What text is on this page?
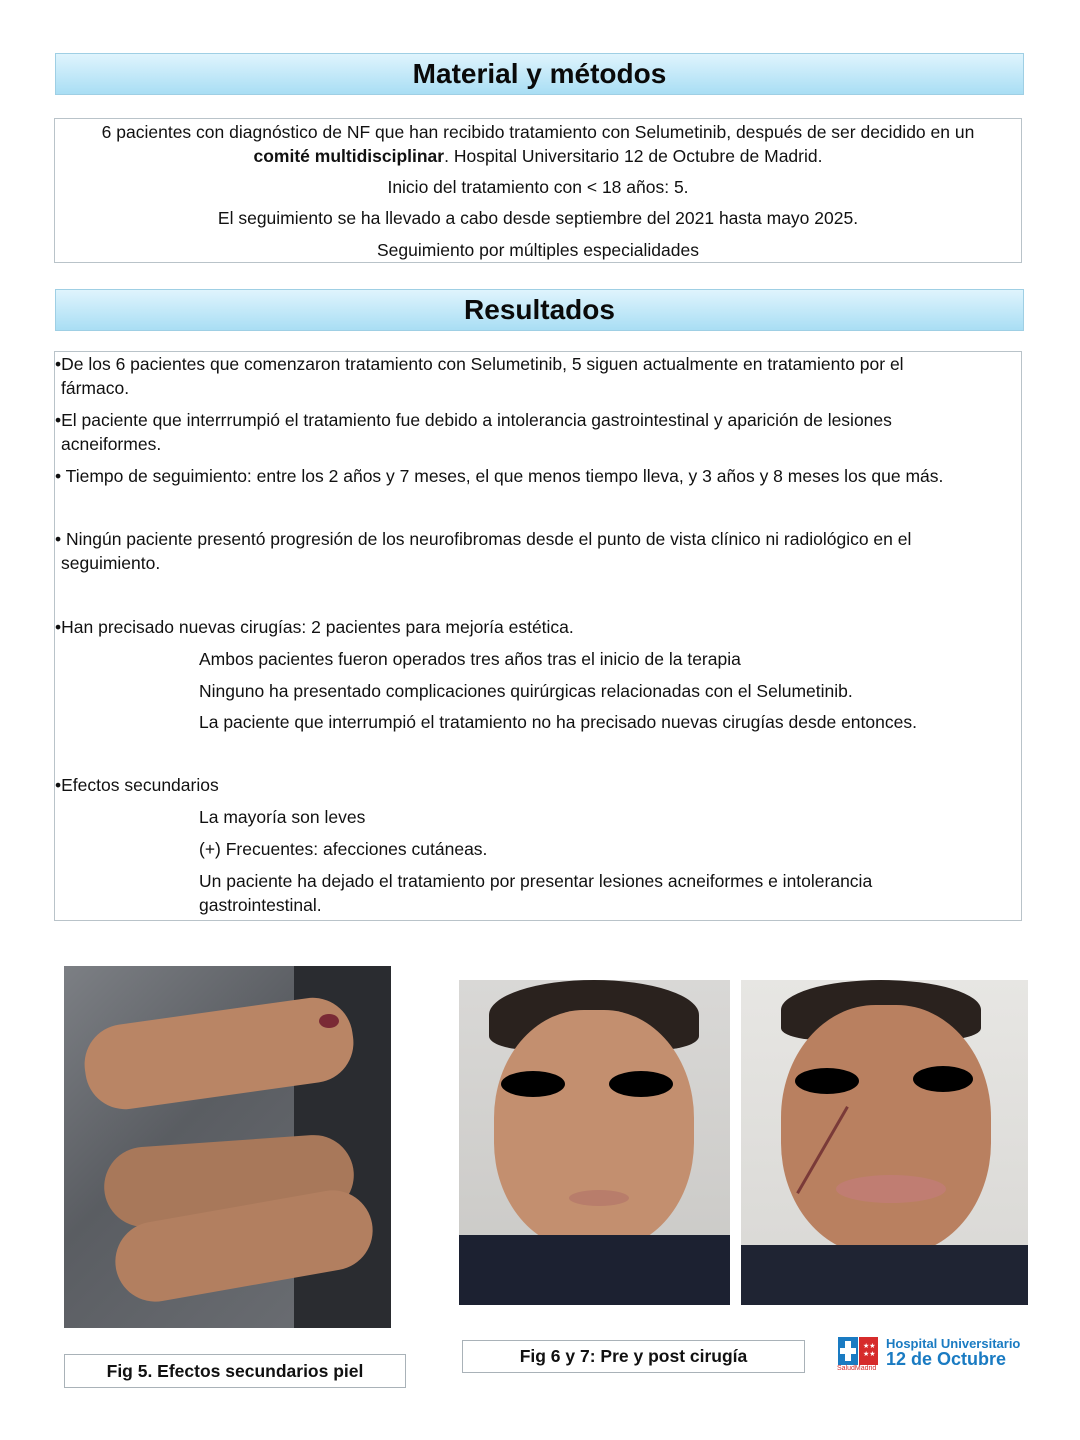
Material y métodos

6 pacientes con diagnóstico de NF que han recibido tratamiento con Selumetinib, después de ser decidido en un
comité multidisciplinar. Hospital Universitario 12 de Octubre de Madrid.

Inicio del tratamiento con < 18 años: 5.

El seguimiento se ha llevado a cabo desde septiembre del 2021 hasta mayo 2025.

Seguimiento por múltiples especialidades

Resultados

•De los 6 pacientes que comenzaron tratamiento con Selumetinib, 5 siguen actualmente en tratamiento por el
fármaco.

•El paciente que interrrumpió el tratamiento fue debido a intolerancia gastrointestinal y aparición de lesiones
acneiformes.

• Tiempo de seguimiento: entre los 2 años y 7 meses, el que menos tiempo lleva, y 3 años y 8 meses los que más.

• Ningún paciente presentó progresión de los neurofibromas desde el punto de vista clínico ni radiológico en el
seguimiento.

•Han precisado nuevas cirugías: 2 pacientes para mejoría estética.

Ambos pacientes fueron operados tres años tras el inicio de la terapia

Ninguno ha presentado complicaciones quirúrgicas relacionadas con el Selumetinib.

La paciente que interrumpió el tratamiento no ha precisado nuevas cirugías desde entonces.

•Efectos secundarios

La mayoría son leves

(+) Frecuentes: afecciones cutáneas.

Un paciente ha dejado el tratamiento por presentar lesiones acneiformes e intolerancia
gastrointestinal.

Fig 5. Efectos secundarios piel
Fig 6 y 7: Pre y post cirugía	★★
★★
SaludMadrid
Hospital Universitario
12 de Octubre
